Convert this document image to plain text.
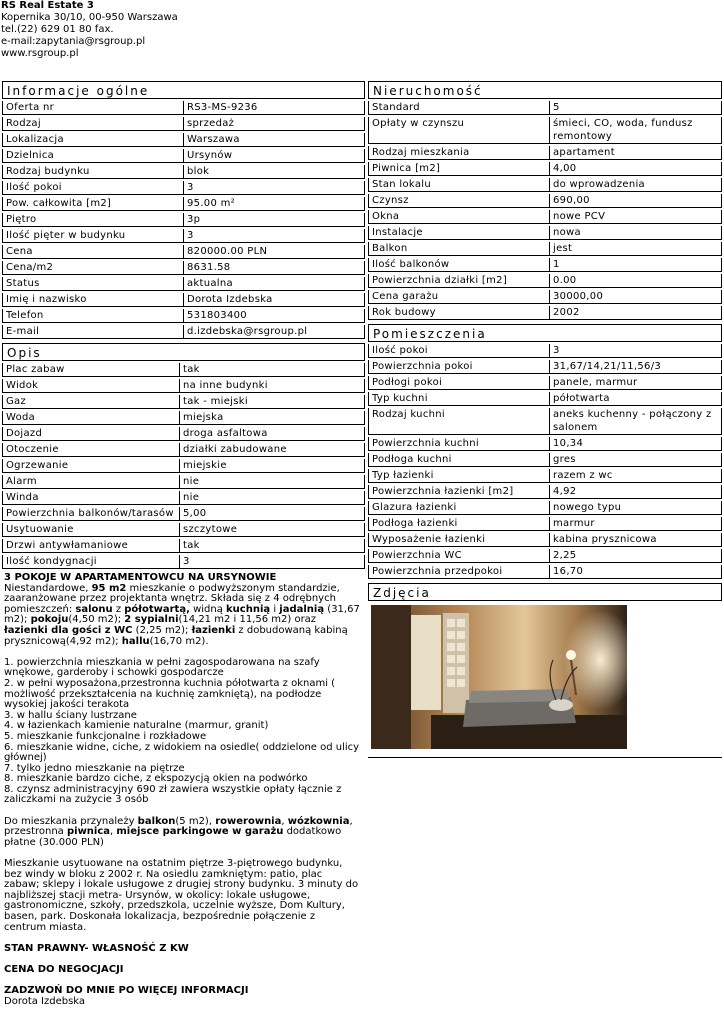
RS Real Estate 3
Kopernika 30/10, 00-950 Warszawa
tel.(22) 629 01 80 fax.
e-mail:zapytania@rsgroup.pl
www.rsgroup.pl
Informacje ogólne
Oferta nr	RS3-MS-9236
Rodzaj	sprzedaż
Lokalizacja	Warszawa
Dzielnica	Ursynów
Rodzaj budynku	blok
Ilość pokoi	3
Pow. całkowita [m2]	95.00 m²
Piętro	3p
Ilość pięter w budynku	3
Cena	820000.00 PLN
Cena/m2	8631.58
Status	aktualna
Imię i nazwisko	Dorota Izdebska
Telefon	531803400
E-mail	d.izdebska@rsgroup.pl
Opis
Plac zabaw	tak
Widok	na inne budynki
Gaz	tak - miejski
Woda	miejska
Dojazd	droga asfaltowa
Otoczenie	działki zabudowane
Ogrzewanie	miejskie
Alarm	nie
Winda	nie
Powierzchnia balkonów/tarasów	5,00
Usytuowanie	szczytowe
Drzwi antywłamaniowe	tak
Ilość kondygnacji	3
Nieruchomość
Standard	5
Opłaty w czynszu	śmieci, CO, woda, fundusz remontowy
Rodzaj mieszkania	apartament
Piwnica [m2]	4,00
Stan lokalu	do wprowadzenia
Czynsz	690,00
Okna	nowe PCV
Instalacje	nowa
Balkon	jest
Ilość balkonów	1
Powierzchnia działki [m2]	0.00
Cena garażu	30000,00
Rok budowy	2002
Pomieszczenia
Ilość pokoi	3
Powierzchnia pokoi	31,67/14,21/11,56/3
Podłogi pokoi	panele, marmur
Typ kuchni	półotwarta
Rodzaj kuchni	aneks kuchenny - połączony z salonem
Powierzchnia kuchni	10,34
Podłoga kuchni	gres
Typ łazienki	razem z wc
Powierzchnia łazienki [m2]	4,92
Glazura łazienki	nowego typu
Podłoga łazienki	marmur
Wyposażenie łazienki	kabina prysznicowa
Powierzchnia WC	2,25
Powierzchnia przedpokoi	16,70
Zdjęcia

3 POKOJE W APARTAMENTOWCU NA URSYNOWIE

Niestandardowe, 95 m2 mieszkanie o podwyższonym standardzie, zaaranżowane przez projektanta wnętrz. Składa się z 4 odrębnych pomieszczeń: salonu z półotwartą, widną kuchnią i jadalnią (31,67 m2); pokoju(4,50 m2); 2 sypialni(14,21 m2 i 11,56 m2) oraz łazienki dla gości z WC (2,25 m2); łazienki z dobudowaną kabiną prysznicową(4,92 m2); hallu(16,70 m2).

1. powierzchnia mieszkania w pełni zagospodarowana na szafy wnękowe, garderoby i schowki gospodarcze

2. w pełni wyposażona,przestronna kuchnia półotwarta z oknami ( możliwość przekształcenia na kuchnię zamkniętą), na podłodze wysokiej jakości terakota

3. w hallu ściany lustrzane

4. w łazienkach kamienie naturalne (marmur, granit)

5. mieszkanie funkcjonalne i rozkładowe

6. mieszkanie widne, ciche, z widokiem na osiedle( oddzielone od ulicy głównej)

7. tylko jedno mieszkanie na piętrze

8. mieszkanie bardzo ciche, z ekspozycją okien na podwórko

8. czynsz administracyjny 690 zł zawiera wszystkie opłaty łącznie z zaliczkami na zużycie 3 osób

Do mieszkania przynależy balkon(5 m2), rowerownia, wózkownia, przestronna piwnica, miejsce parkingowe w garażu dodatkowo płatne (30.000 PLN)

Mieszkanie usytuowane na ostatnim piętrze 3-piętrowego budynku, bez windy w bloku z 2002 r. Na osiedlu zamkniętym: patio, plac zabaw; sklepy i lokale usługowe z drugiej strony budynku. 3 minuty do najbliższej stacji metra- Ursynów, w okolicy: lokale usługowe, gastronomiczne, szkoły, przedszkola, uczelnie wyższe, Dom Kultury, basen, park. Doskonała lokalizacja, bezpośrednie połączenie z centrum miasta.

STAN PRAWNY- WŁASNOŚĆ Z KW

CENA DO NEGOCJACJI

ZADZWOŃ DO MNIE PO WIĘCEJ INFORMACJI

Dorota Izdebska
